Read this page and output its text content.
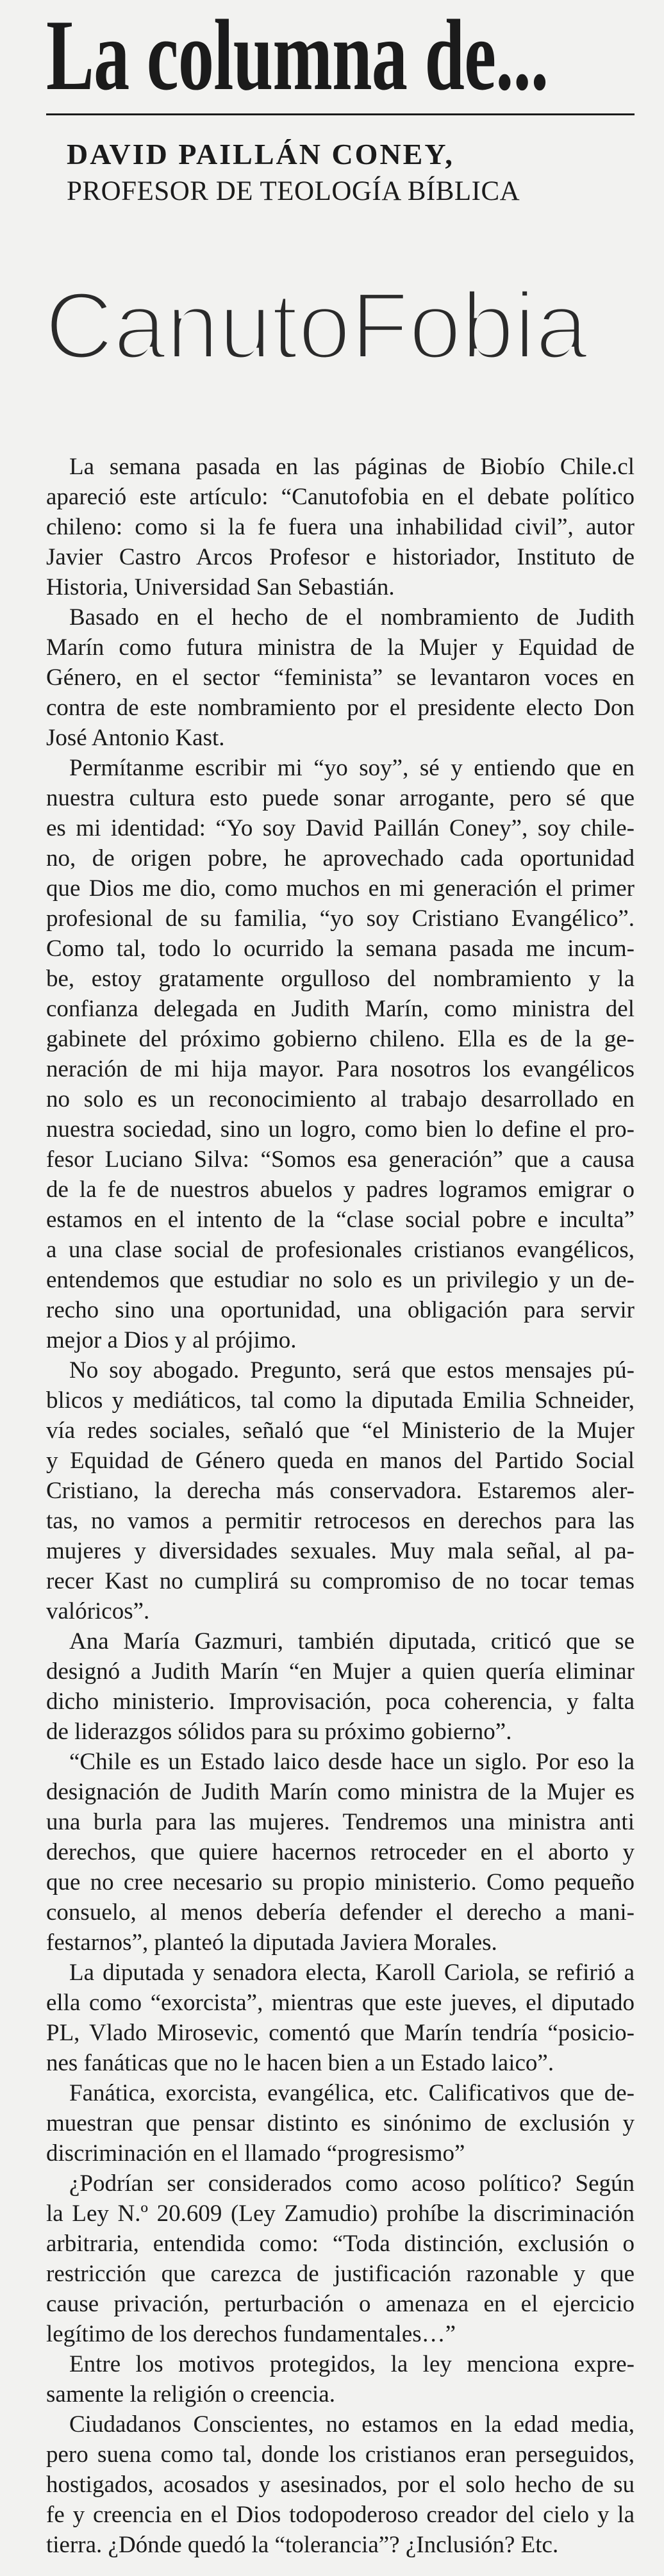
La columna de...
DAVID PAILLÁN CONEY,
PROFESOR DE TEOLOGÍA BÍBLICA
CanutoFobia
La semana pasada en las páginas de Biobío Chile.cl
apareció este artículo: “Canutofobia en el debate político
chileno: como si la fe fuera una inhabilidad civil”, autor
Javier Castro Arcos Profesor e historiador, Instituto de
Historia, Universidad San Sebastián.
Basado en el hecho de el nombramiento de Judith
Marín como futura ministra de la Mujer y Equidad de
Género, en el sector “feminista” se levantaron voces en
contra de este nombramiento por el presidente electo Don
José Antonio Kast.
Permítanme escribir mi “yo soy”, sé y entiendo que en
nuestra cultura esto puede sonar arrogante, pero sé que
es mi identidad: “Yo soy David Paillán Coney”, soy chile-
no, de origen pobre, he aprovechado cada oportunidad
que Dios me dio, como muchos en mi generación el primer
profesional de su familia, “yo soy Cristiano Evangélico”.
Como tal, todo lo ocurrido la semana pasada me incum-
be, estoy gratamente orgulloso del nombramiento y la
confianza delegada en Judith Marín, como ministra del
gabinete del próximo gobierno chileno. Ella es de la ge-
neración de mi hija mayor. Para nosotros los evangélicos
no solo es un reconocimiento al trabajo desarrollado en
nuestra sociedad, sino un logro, como bien lo define el pro-
fesor Luciano Silva: “Somos esa generación” que a causa
de la fe de nuestros abuelos y padres logramos emigrar o
estamos en el intento de la “clase social pobre e inculta”
a una clase social de profesionales cristianos evangélicos,
entendemos que estudiar no solo es un privilegio y un de-
recho sino una oportunidad, una obligación para servir
mejor a Dios y al prójimo.
No soy abogado. Pregunto, será que estos mensajes pú-
blicos y mediáticos, tal como la diputada Emilia Schneider,
vía redes sociales, señaló que “el Ministerio de la Mujer
y Equidad de Género queda en manos del Partido Social
Cristiano, la derecha más conservadora. Estaremos aler-
tas, no vamos a permitir retrocesos en derechos para las
mujeres y diversidades sexuales. Muy mala señal, al pa-
recer Kast no cumplirá su compromiso de no tocar temas
valóricos”.
Ana María Gazmuri, también diputada, criticó que se
designó a Judith Marín “en Mujer a quien quería eliminar
dicho ministerio. Improvisación, poca coherencia, y falta
de liderazgos sólidos para su próximo gobierno”.
“Chile es un Estado laico desde hace un siglo. Por eso la
designación de Judith Marín como ministra de la Mujer es
una burla para las mujeres. Tendremos una ministra anti
derechos, que quiere hacernos retroceder en el aborto y
que no cree necesario su propio ministerio. Como pequeño
consuelo, al menos debería defender el derecho a mani-
festarnos”, planteó la diputada Javiera Morales.
La diputada y senadora electa, Karoll Cariola, se refirió a
ella como “exorcista”, mientras que este jueves, el diputado
PL, Vlado Mirosevic, comentó que Marín tendría “posicio-
nes fanáticas que no le hacen bien a un Estado laico”.
Fanática, exorcista, evangélica, etc. Calificativos que de-
muestran que pensar distinto es sinónimo de exclusión y
discriminación en el llamado “progresismo”
¿Podrían ser considerados como acoso político? Según
la Ley N.º 20.609 (Ley Zamudio) prohíbe la discriminación
arbitraria, entendida como: “Toda distinción, exclusión o
restricción que carezca de justificación razonable y que
cause privación, perturbación o amenaza en el ejercicio
legítimo de los derechos fundamentales…”
Entre los motivos protegidos, la ley menciona expre-
samente la religión o creencia.
Ciudadanos Conscientes, no estamos en la edad media,
pero suena como tal, donde los cristianos eran perseguidos,
hostigados, acosados y asesinados, por el solo hecho de su
fe y creencia en el Dios todopoderoso creador del cielo y la
tierra. ¿Dónde quedó la “tolerancia”? ¿Inclusión? Etc.
